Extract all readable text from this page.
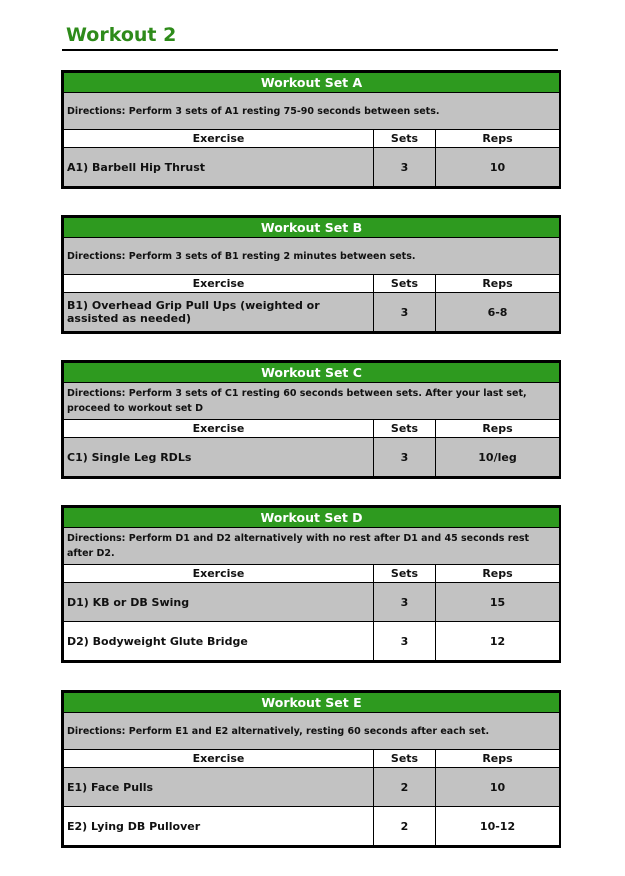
Workout 2
Workout Set A		
Directions: Perform 3 sets of A1 resting 75-90 seconds between sets.		
Exercise	Sets	Reps
A1) Barbell Hip Thrust	3	10
Workout Set B		
Directions: Perform 3 sets of B1 resting 2 minutes between sets.		
Exercise	Sets	Reps
B1) Overhead Grip Pull Ups (weighted or assisted as needed)	3	6-8
Workout Set C		
Directions: Perform 3 sets of C1 resting 60 seconds between sets. After your last set, proceed to workout set D		
Exercise	Sets	Reps
C1) Single Leg RDLs	3	10/leg
Workout Set D		
Directions: Perform D1 and D2 alternatively with no rest after D1 and 45 seconds rest after D2.		
Exercise	Sets	Reps
D1) KB or DB Swing	3	15
D2) Bodyweight Glute Bridge	3	12
Workout Set E		
Directions: Perform E1 and E2 alternatively, resting 60 seconds after each set.		
Exercise	Sets	Reps
E1) Face Pulls	2	10
E2) Lying DB Pullover	2	10-12
